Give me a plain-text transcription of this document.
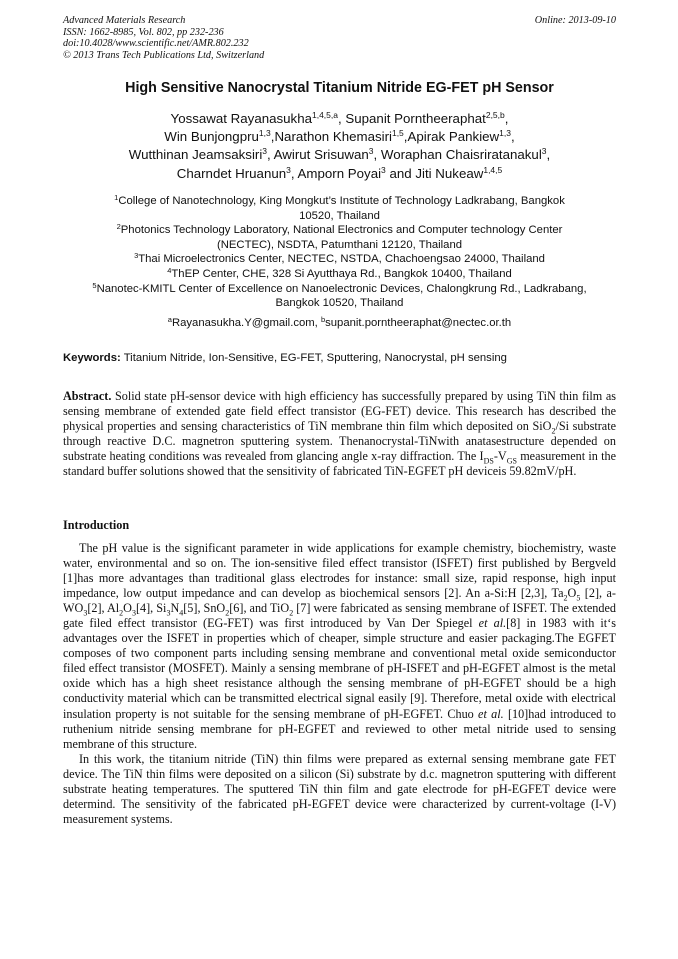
Advanced Materials Research
ISSN: 1662-8985, Vol. 802, pp 232-236
doi:10.4028/www.scientific.net/AMR.802.232
© 2013 Trans Tech Publications Ltd, Switzerland
Online: 2013-09-10
High Sensitive Nanocrystal Titanium Nitride EG-FET pH Sensor
Yossawat Rayanasukha$^{1,4,5,a}$, Supanit Porntheeraphat$^{2,5,b}$,
Win Bunjongpru$^{1,3}$,Narathon Khemasiri$^{1,5}$,Apirak Pankiew$^{1,3}$,
Wutthinan Jeamsaksiri$^3$, Awirut Srisuwan$^3$, Woraphan Chaisriratanakul$^3$,
Charndet Hruanun$^3$, Amporn Poyai$^3$ and Jiti Nukeaw$^{1,4,5}$
$^1$College of Nanotechnology, King Mongkut’s Institute of Technology Ladkrabang, Bangkok
10520, Thailand
$^2$Photonics Technology Laboratory, National Electronics and Computer technology Center
(NECTEC), NSDTA, Patumthani 12120, Thailand
$^3$Thai Microelectronics Center, NECTEC, NSTDA, Chachoengsao 24000, Thailand
$^4$ThEP Center, CHE, 328 Si Ayutthaya Rd., Bangkok 10400, Thailand
$^5$Nanotec-KMITL Center of Excellence on Nanoelectronic Devices, Chalongkrung Rd., Ladkrabang,
Bangkok 10520, Thailand
$^a$Rayanasukha.Y@gmail.com, $^b$supanit.porntheeraphat@nectec.or.th
Keywords: Titanium Nitride, Ion-Sensitive, EG-FET, Sputtering, Nanocrystal, pH sensing

Abstract. Solid state pH-sensor device with high efficiency has successfully prepared by using TiN thin film as sensing membrane of extended gate field effect transistor (EG-FET) device. This research has described the physical properties and sensing characteristics of TiN membrane thin film which deposited on SiO$_2$/Si substrate through reactive D.C. magnetron sputtering system. Thenanocrystal-TiNwith anatasestructure depended on substrate heating conditions was revealed from glancing angle x-ray diffraction. The $I_{DS}-V_{GS}$ measurement in the standard buffer solutions showed that the sensitivity of fabricated TiN-EGFET pH deviceis 59.82mV/pH.

Introduction

The pH value is the significant parameter in wide applications for example chemistry, biochemistry, waste water, environmental and so on. The ion-sensitive filed effect transistor (ISFET) first published by Bergveld [1]has more advantages than traditional glass electrodes for instance: small size, rapid response, high input impedance, low output impedance and can develop as biochemical sensors [2]. An a-Si:H [2,3], $Ta_2O_5$ [2], $a-WO_3[2]$, $Al_2O_3[4]$, $Si_3N_4[5]$, SnO$_2$[6], and TiO$_2$ [7] were fabricated as sensing membrane of ISFET. The extended gate filed effect transistor (EG-FET) was first introduced by Van Der Spiegel et al.[8] in 1983 with it‘s advantages over the ISFET in properties which of cheaper, simple structure and easier packaging.The EGFET composes of two component parts including sensing membrane and conventional metal oxide semiconductor filed effect transistor (MOSFET). Mainly a sensing membrane of pH-ISFET and pH-EGFET almost is the metal oxide which has a high sheet resistance although the sensing membrane of pH-EGFET should be a high conductivity material which can be transmitted electrical signal easily [9]. Therefore, metal oxide with electrical insulation property is not suitable for the sensing membrane of pH-EGFET. Chuo et al. [10]had introduced to ruthenium nitride sensing membrane for pH-EGFET and reviewed to other metal nitride used to sensing membrane of this structure.

In this work, the titanium nitride (TiN) thin films were prepared as external sensing membrane gate FET device. The TiN thin films were deposited on a silicon (Si) substrate by d.c. magnetron sputtering with different substrate heating temperatures. The sputtered TiN thin film and gate electrode for pH-EGFET device were determind. The sensitivity of the fabricated pH-EGFET device were characterized by current-voltage (I-V) measurement systems.
